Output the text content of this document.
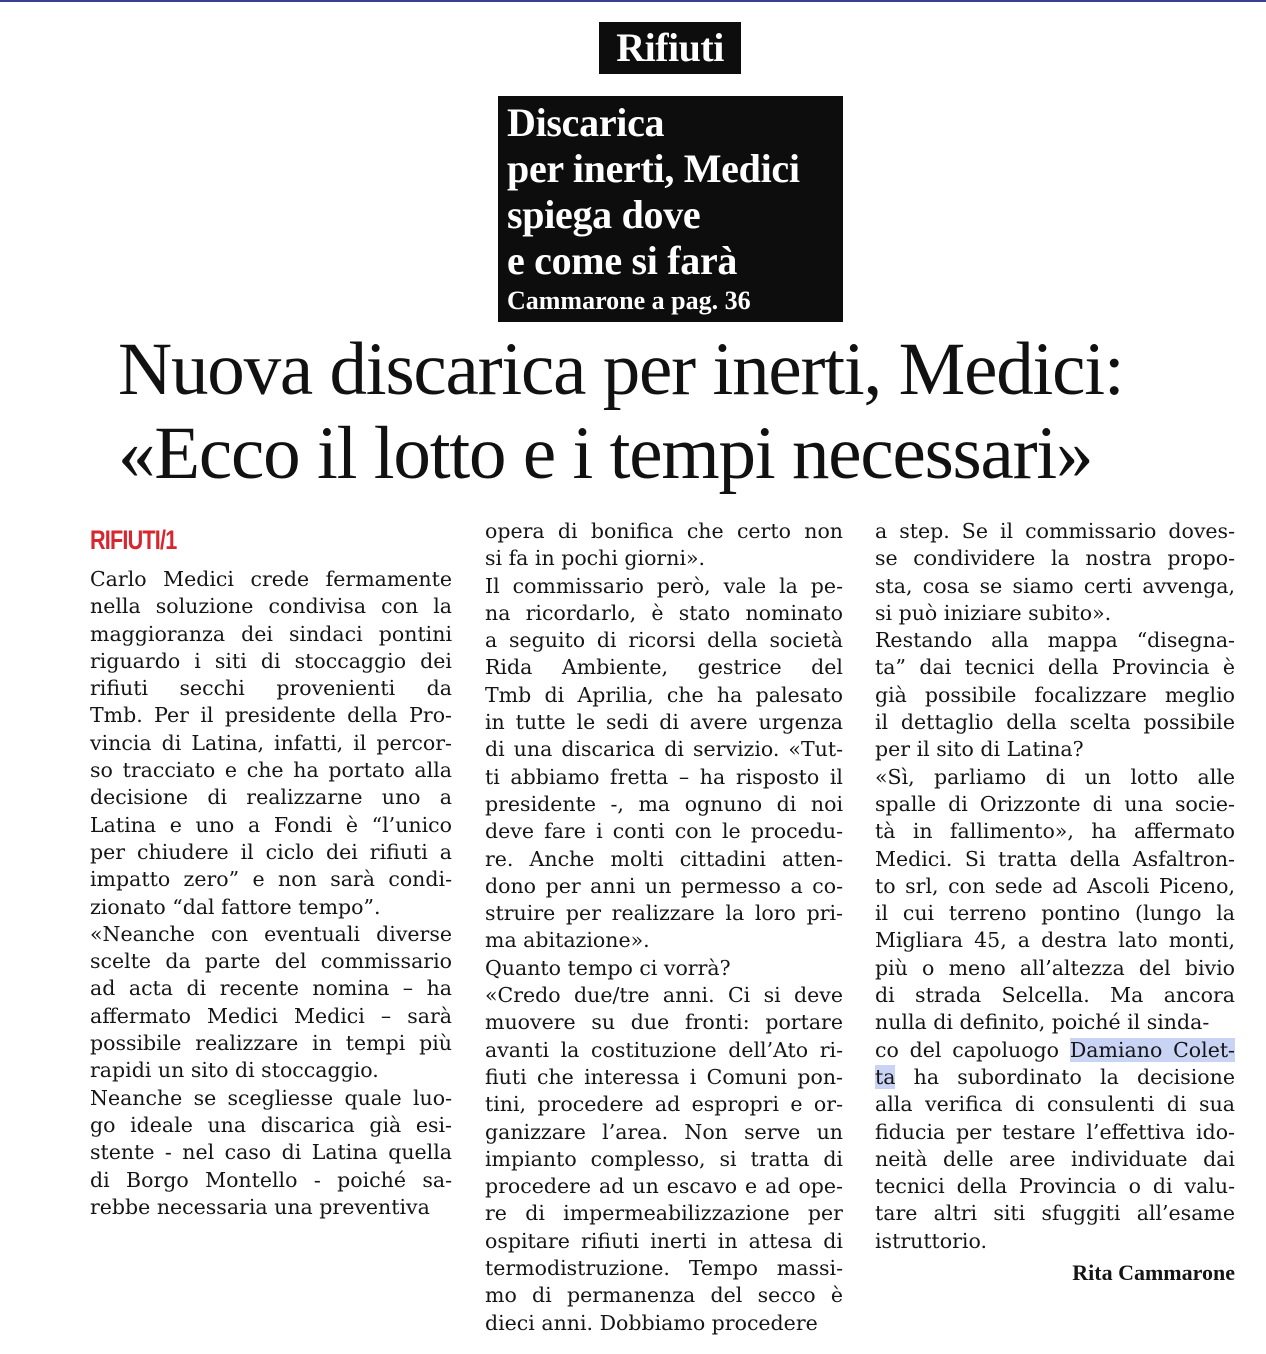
Rifiuti
Discarica
per inerti, Medici
spiega dove
e come si farà
Cammarone a pag. 36
Nuova discarica per inerti, Medici:
«Ecco il lotto e i tempi necessari»
RIFIUTI/1
Carlo Medici crede fermamente
nella soluzione condivisa con la
maggioranza dei sindaci pontini
riguardo i siti di stoccaggio dei
rifiuti secchi provenienti da
Tmb. Per il presidente della Pro-
vincia di Latina, infatti, il percor-
so tracciato e che ha portato alla
decisione di realizzarne uno a
Latina e uno a Fondi è “l’unico
per chiudere il ciclo dei rifiuti a
impatto zero” e non sarà condi-
zionato “dal fattore tempo”.
«Neanche con eventuali diverse
scelte da parte del commissario
ad acta di recente nomina – ha
affermato Medici Medici – sarà
possibile realizzare in tempi più
rapidi un sito di stoccaggio.
Neanche se scegliesse quale luo-
go ideale una discarica già esi-
stente - nel caso di Latina quella
di Borgo Montello - poiché sa-
rebbe necessaria una preventiva
opera di bonifica che certo non
si fa in pochi giorni».
Il commissario però, vale la pe-
na ricordarlo, è stato nominato
a seguito di ricorsi della società
Rida Ambiente, gestrice del
Tmb di Aprilia, che ha palesato
in tutte le sedi di avere urgenza
di una discarica di servizio. «Tut-
ti abbiamo fretta – ha risposto il
presidente -, ma ognuno di noi
deve fare i conti con le procedu-
re. Anche molti cittadini atten-
dono per anni un permesso a co-
struire per realizzare la loro pri-
ma abitazione».
Quanto tempo ci vorrà?
«Credo due/tre anni. Ci si deve
muovere su due fronti: portare
avanti la costituzione dell’Ato ri-
fiuti che interessa i Comuni pon-
tini, procedere ad espropri e or-
ganizzare l’area. Non serve un
impianto complesso, si tratta di
procedere ad un escavo e ad ope-
re di impermeabilizzazione per
ospitare rifiuti inerti in attesa di
termodistruzione. Tempo massi-
mo di permanenza del secco è
dieci anni. Dobbiamo procedere
a step. Se il commissario doves-
se condividere la nostra propo-
sta, cosa se siamo certi avvenga,
si può iniziare subito».
Restando alla mappa “disegna-
ta” dai tecnici della Provincia è
già possibile focalizzare meglio
il dettaglio della scelta possibile
per il sito di Latina?
«Sì, parliamo di un lotto alle
spalle di Orizzonte di una socie-
tà in fallimento», ha affermato
Medici. Si tratta della Asfaltron-
to srl, con sede ad Ascoli Piceno,
il cui terreno pontino (lungo la
Migliara 45, a destra lato monti,
più o meno all’altezza del bivio
di strada Selcella. Ma ancora
nulla di definito, poiché il sinda-
co del capoluogo Damiano Colet-
ta ha subordinato la decisione
alla verifica di consulenti di sua
fiducia per testare l’effettiva ido-
neità delle aree individuate dai
tecnici della Provincia o di valu-
tare altri siti sfuggiti all’esame
istruttorio.
Rita Cammarone
